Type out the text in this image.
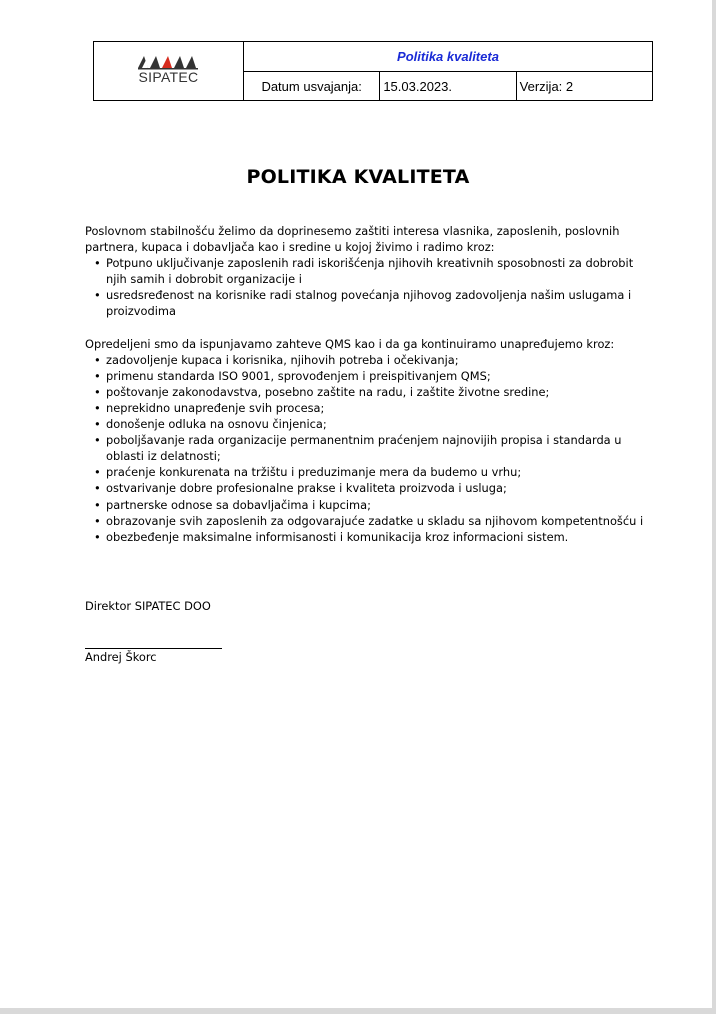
SIPATEC	Politika kvaliteta		
	Datum usvajanja:	15.03.2023.	Verzija: 2
POLITIKA KVALITETA

Poslovnom stabilnošću želimo da doprinesemo zaštiti interesa vlasnika, zaposlenih, poslovnih partnera, kupaca i dobavljača kao i sredine u kojoj živimo i radimo kroz:

• Potpuno uključivanje zaposlenih radi iskorišćenja njihovih kreativnih sposobnosti za dobrobit njih samih i dobrobit organizacije i
• usredsređenost na korisnike radi stalnog povećanja njihovog zadovoljenja našim uslugama i proizvodima

Opredeljeni smo da ispunjavamo zahteve QMS kao i da ga kontinuiramo unapređujemo kroz:

• zadovoljenje kupaca i korisnika, njihovih potreba i očekivanja;
• primenu standarda ISO 9001, sprovođenjem i preispitivanjem QMS;
• poštovanje zakonodavstva, posebno zaštite na radu, i zaštite životne sredine;
• neprekidno unapređenje svih procesa;
• donošenje odluka na osnovu činjenica;
• poboljšavanje rada organizacije permanentnim praćenjem najnovijih propisa i standarda u oblasti iz delatnosti;
• praćenje konkurenata na tržištu i preduzimanje mera da budemo u vrhu;
• ostvarivanje dobre profesionalne prakse i kvaliteta proizvoda i usluga;
• partnerske odnose sa dobavljačima i kupcima;
• obrazovanje svih zaposlenih za odgovarajuće zadatke u skladu sa njihovom kompetentnošću i
• obezbeđenje maksimalne informisanosti i komunikacija kroz informacioni sistem.
Direktor SIPATEC DOO
Andrej Škorc
